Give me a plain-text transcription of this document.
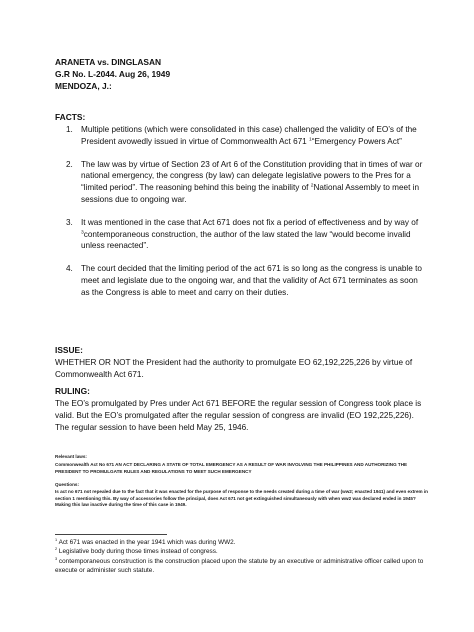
ARANETA vs. DINGLASAN
G.R No. L-2044. Aug 26, 1949
MENDOZA, J.:
FACTS:
1. Multiple petitions (which were consolidated in this case) challenged the validity of EO’s of the President avowedly issued in virtue of Commonwealth Act 671 $^1$“Emergency Powers Act”
2. The law was by virtue of Section 23 of Art 6 of the Constitution providing that in times of war or national emergency, the congress (by law) can delegate legislative powers to the Pres for a “limited period”. The reasoning behind this being the inability of $^2$National Assembly to meet in sessions due to ongoing war.
3. It was mentioned in the case that Act 671 does not fix a period of effectiveness and by way of $^3$contemporaneous construction, the author of the law stated the law “would become invalid unless reenacted”.
4. The court decided that the limiting period of the act 671 is so long as the congress is unable to meet and legislate due to the ongoing war, and that the validity of Act 671 terminates as soon as the Congress is able to meet and carry on their duties.
ISSUE:
WHETHER OR NOT the President had the authority to promulgate EO 62,192,225,226 by virtue of Commonwealth Act 671.
RULING:
The EO’s promulgated by Pres under Act 671 BEFORE the regular session of Congress took place is valid. But the EO’s promulgated after the regular session of congress are invalid (EO 192,225,226). The regular session to have been held May 25, 1946.
Relevant laws:
Commonwealth Act No 671 AN ACT DECLARING A STATE OF TOTAL EMERGENCY AS A RESULT OF WAR INVOLVING THE PHILIPPINES AND AUTHORIZING THE PRESIDENT TO PROMULGATE RULES AND REGULATIONS TO MEET SUCH EMERGENCY
Questions:
Is act no 671 not repealed due to the fact that it was enacted for the purpose of response to the needs created during a time of war (ww2; enacted 1941) and even extrem in section 1 mentioning this. By way of accessories follow the principal, does Act 671 not get extinguished simultaneously with when ww2 was declared ended in 1945? Making this law inactive during the time of this case in 1949.
$^1$ Act 671 was enacted in the year 1941 which was during WW2.
$^2$ Legislative body during those times instead of congress.
$^3$ contemporaneous construction is the construction placed upon the statute by an executive or administrative officer called upon to execute or administer such statute.
